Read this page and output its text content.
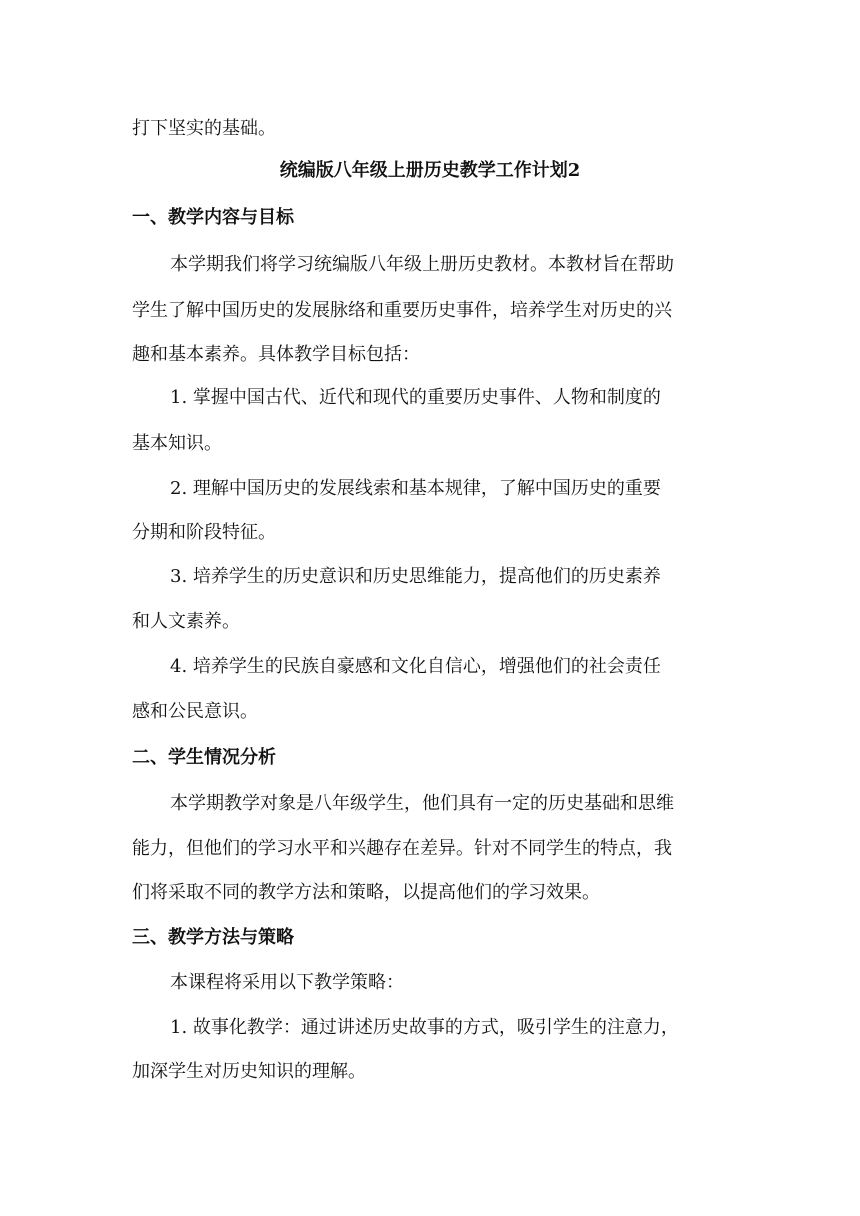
打下坚实的基础。
统编版八年级上册历史教学工作计划2
一、教学内容与目标
本学期我们将学习统编版八年级上册历史教材。本教材旨在帮助
学生了解中国历史的发展脉络和重要历史事件，培养学生对历史的兴
趣和基本素养。具体教学目标包括：
1. 掌握中国古代、近代和现代的重要历史事件、人物和制度的
基本知识。
2. 理解中国历史的发展线索和基本规律，了解中国历史的重要
分期和阶段特征。
3. 培养学生的历史意识和历史思维能力，提高他们的历史素养
和人文素养。
4. 培养学生的民族自豪感和文化自信心，增强他们的社会责任
感和公民意识。
二、学生情况分析
本学期教学对象是八年级学生，他们具有一定的历史基础和思维
能力，但他们的学习水平和兴趣存在差异。针对不同学生的特点，我
们将采取不同的教学方法和策略，以提高他们的学习效果。
三、教学方法与策略
本课程将采用以下教学策略：
1. 故事化教学：通过讲述历史故事的方式，吸引学生的注意力，
加深学生对历史知识的理解。
